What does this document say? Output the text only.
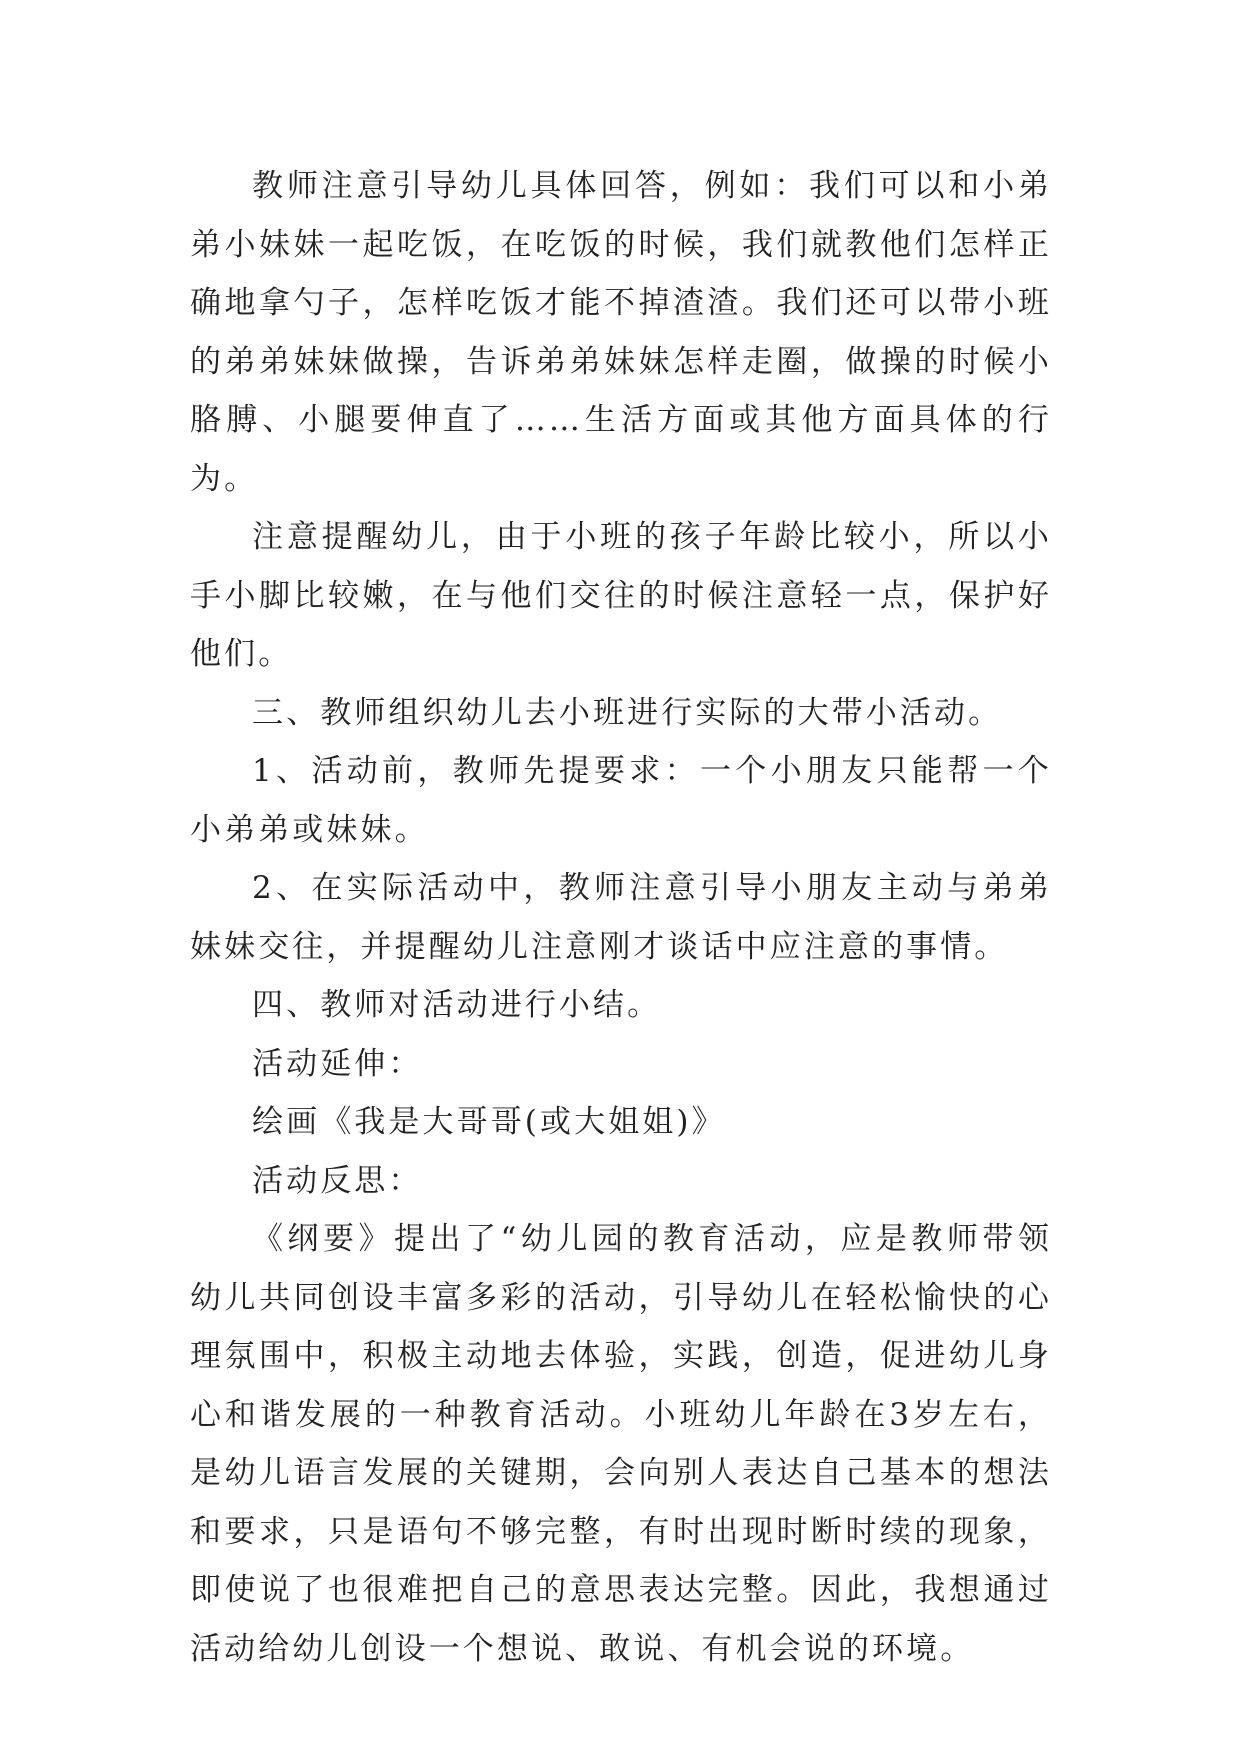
教师注意引导幼儿具体回答，例如：我们可以和小弟弟小妹妹一起吃饭，在吃饭的时候，我们就教他们怎样正确地拿勺子，怎样吃饭才能不掉渣渣。我们还可以带小班的弟弟妹妹做操，告诉弟弟妹妹怎样走圈，做操的时候小胳膊、小腿要伸直了……生活方面或其他方面具体的行为。

注意提醒幼儿，由于小班的孩子年龄比较小，所以小手小脚比较嫩，在与他们交往的时候注意轻一点，保护好他们。

三、教师组织幼儿去小班进行实际的大带小活动。

1、活动前，教师先提要求：一个小朋友只能帮一个小弟弟或妹妹。

2、在实际活动中，教师注意引导小朋友主动与弟弟妹妹交往，并提醒幼儿注意刚才谈话中应注意的事情。

四、教师对活动进行小结。

活动延伸：

绘画《我是大哥哥(或大姐姐)》

活动反思：

《纲要》提出了“幼儿园的教育活动，应是教师带领幼儿共同创设丰富多彩的活动，引导幼儿在轻松愉快的心理氛围中，积极主动地去体验，实践，创造，促进幼儿身心和谐发展的一种教育活动。小班幼儿年龄在3岁左右，是幼儿语言发展的关键期，会向别人表达自己基本的想法和要求，只是语句不够完整，有时出现时断时续的现象，即使说了也很难把自己的意思表达完整。因此，我想通过活动给幼儿创设一个想说、敢说、有机会说的环境。
